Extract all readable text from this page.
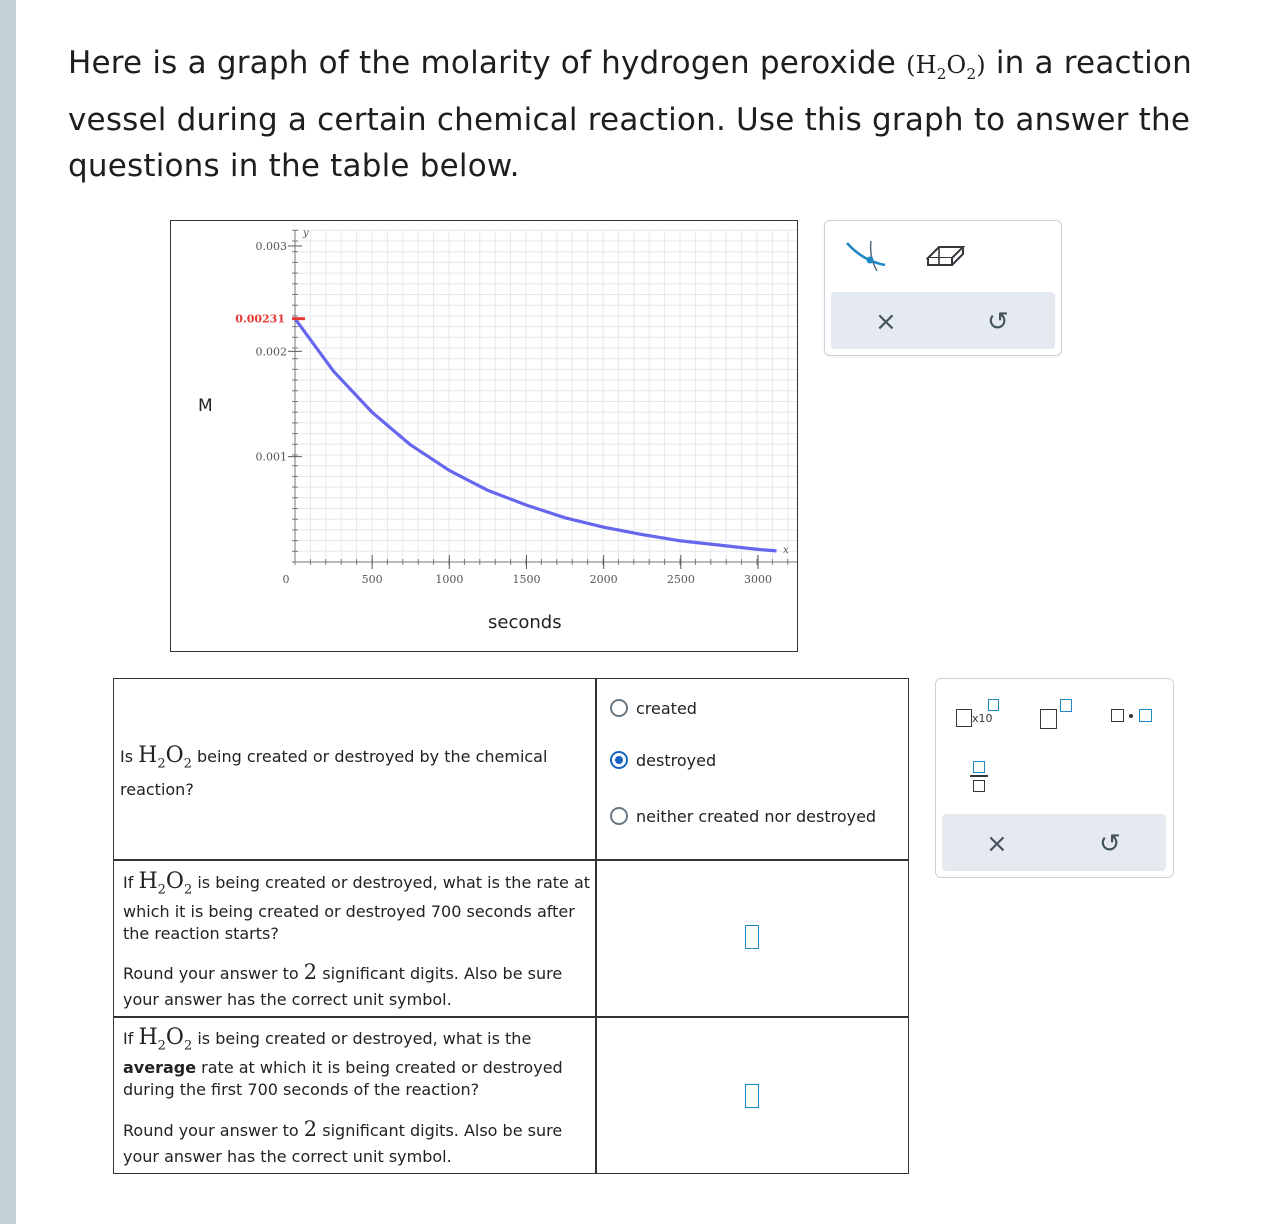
Here is a graph of the molarity of hydrogen peroxide $(H_2O_2)$ in a reaction vessel during a certain chemical reaction. Use this graph to answer the questions in the table below.
0	500	1000	1500	2000	2500	3000
0.001
0.002
0.003
y
x
0.00231
M
seconds
×	↺
Is $H_2O_2$ being created or destroyed by the chemical
reaction?
created
destroyed
neither created nor destroyed
If $H_2O_2$ is being created or destroyed, what is the rate at
which it is being created or destroyed 700 seconds after
the reaction starts?
Round your answer to 2 significant digits. Also be sure
your answer has the correct unit symbol.
If $H_2O_2$ is being created or destroyed, what is the
average rate at which it is being created or destroyed
during the first 700 seconds of the reaction?
Round your answer to 2 significant digits. Also be sure
your answer has the correct unit symbol.
x10
×	↺
